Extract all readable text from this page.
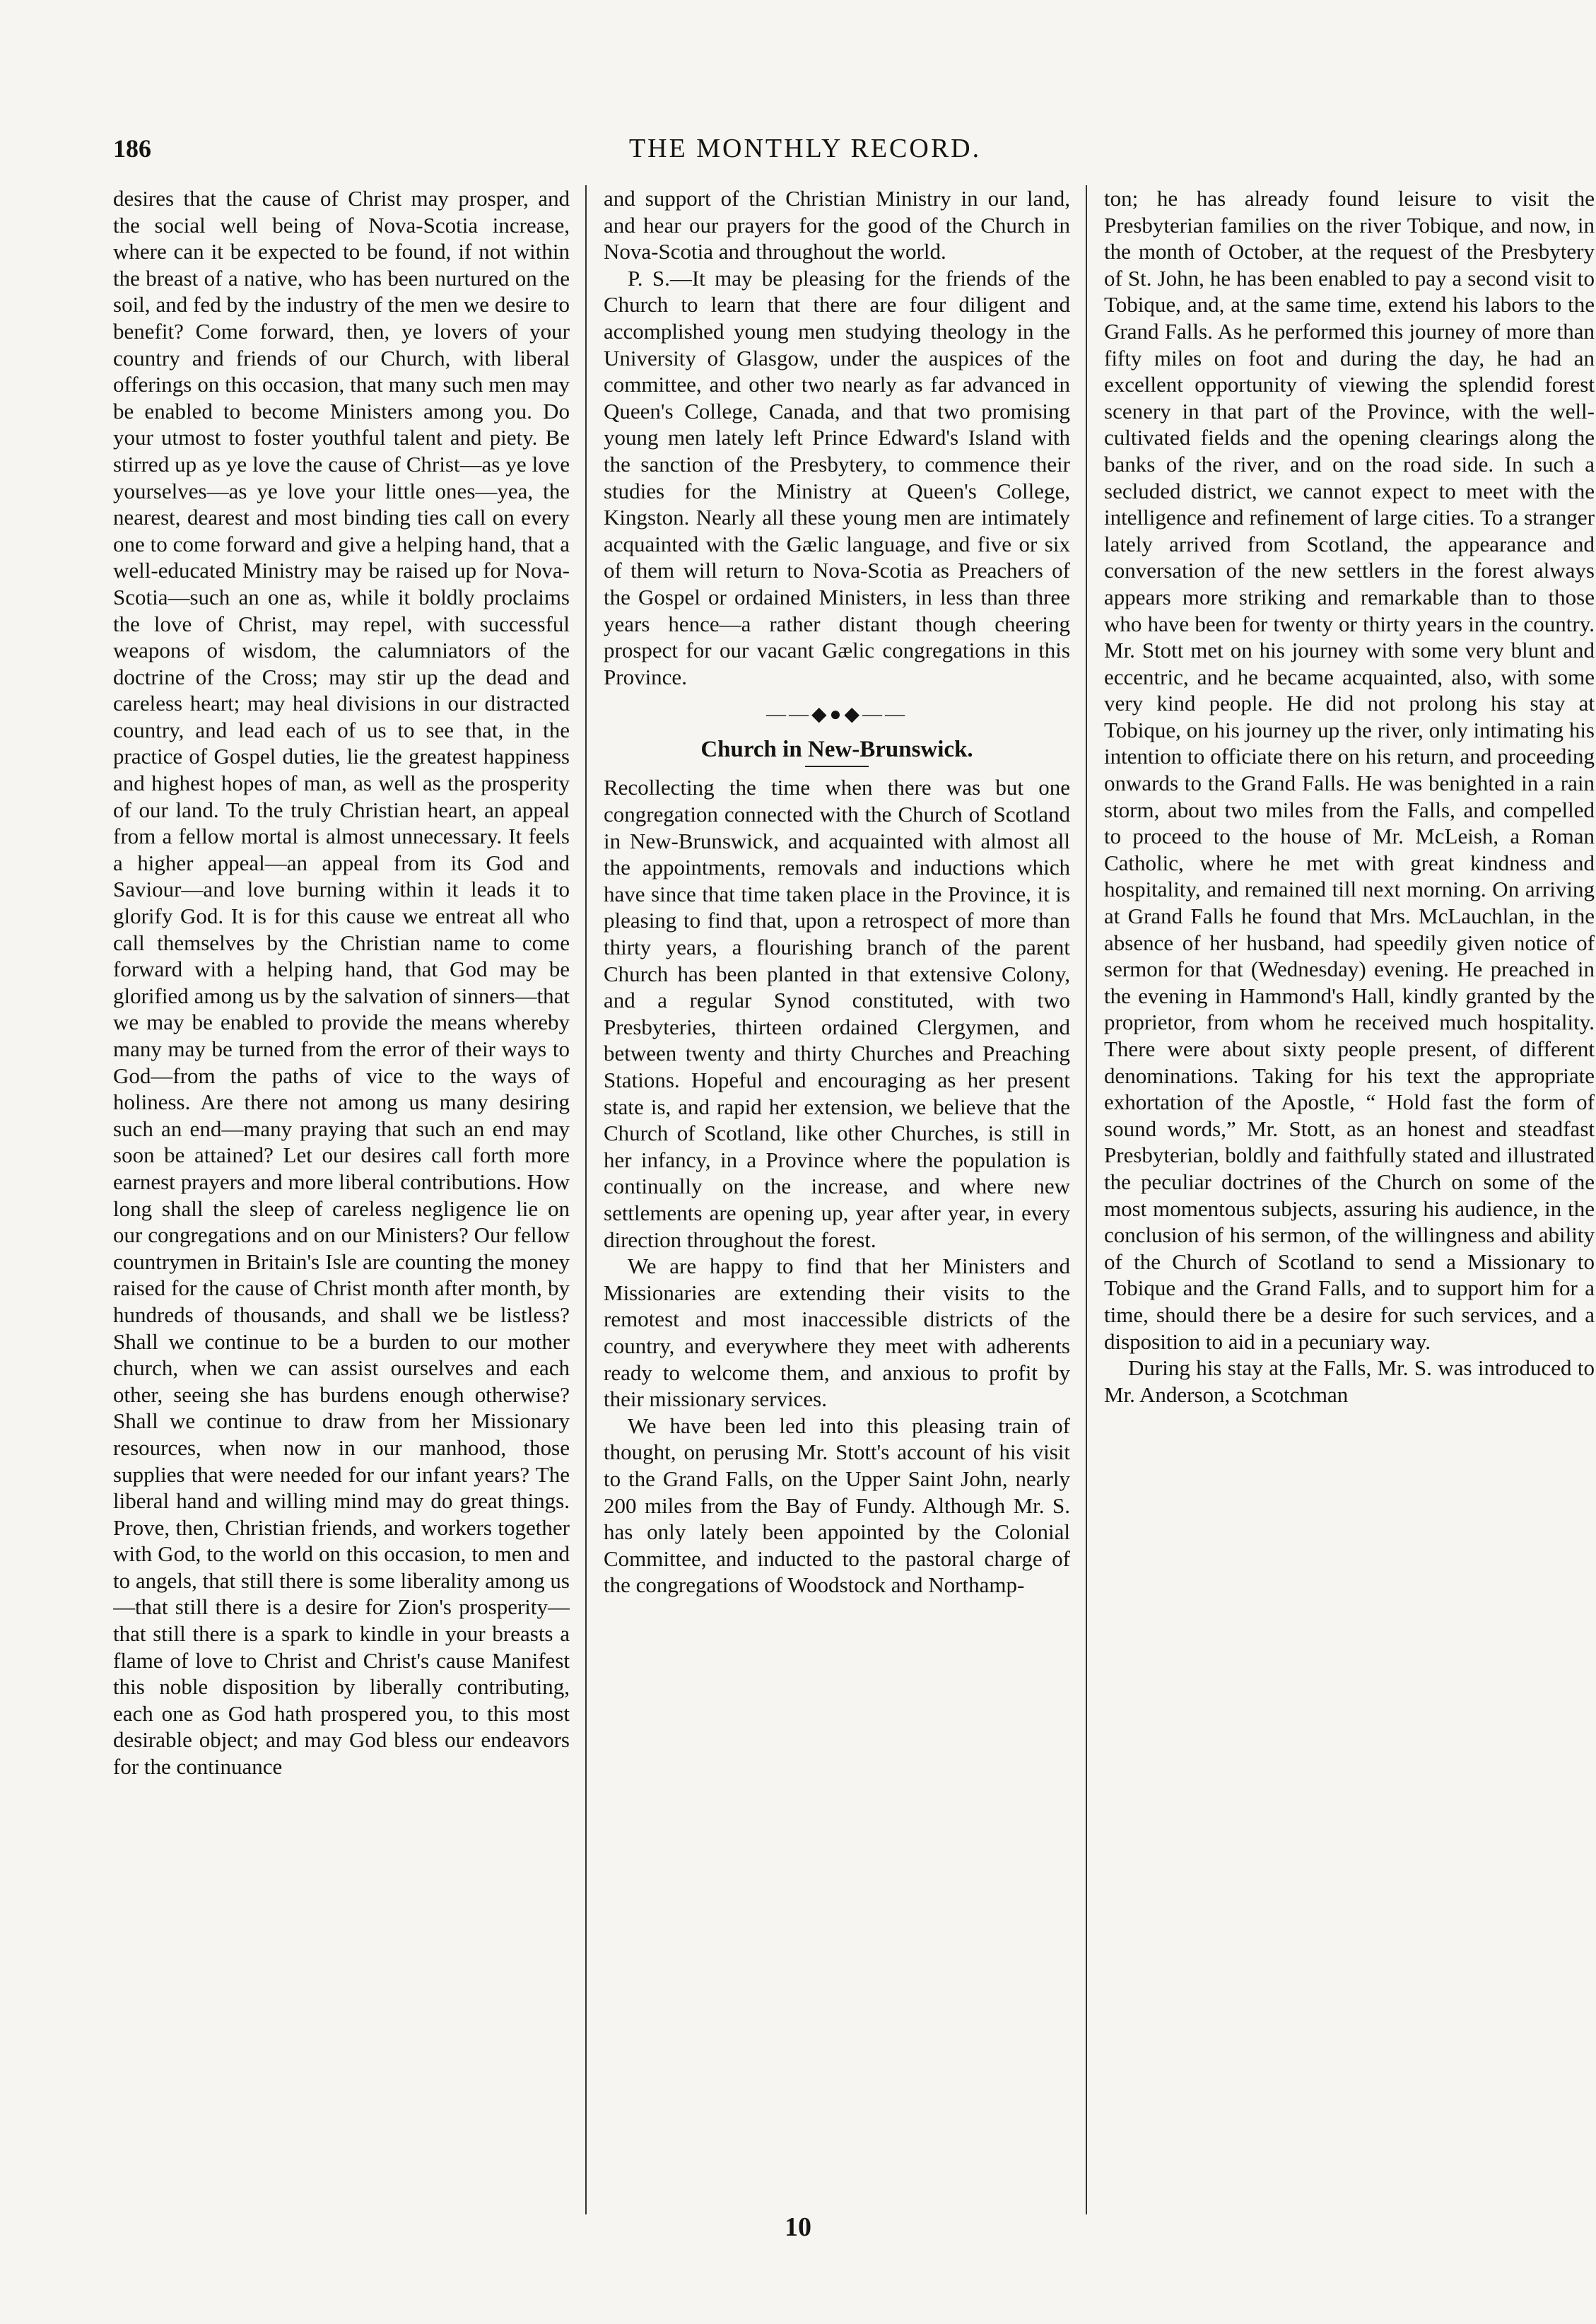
186	THE MONTHLY RECORD.

desires that the cause of Christ may prosper, and the social well being of Nova-Scotia increase, where can it be expected to be found, if not within the breast of a native, who has been nurtured on the soil, and fed by the industry of the men we desire to benefit? Come forward, then, ye lovers of your country and friends of our Church, with liberal offerings on this occasion, that many such men may be enabled to become Ministers among you. Do your utmost to foster youthful talent and piety. Be stirred up as ye love the cause of Christ—as ye love yourselves—as ye love your little ones—yea, the nearest, dearest and most binding ties call on every one to come forward and give a helping hand, that a well-educated Ministry may be raised up for Nova-Scotia—such an one as, while it boldly proclaims the love of Christ, may repel, with successful weapons of wisdom, the calumniators of the doctrine of the Cross; may stir up the dead and careless heart; may heal divisions in our distracted country, and lead each of us to see that, in the practice of Gospel duties, lie the greatest happiness and highest hopes of man, as well as the prosperity of our land. To the truly Christian heart, an appeal from a fellow mortal is almost unnecessary. It feels a higher appeal—an appeal from its God and Saviour—and love burning within it leads it to glorify God. It is for this cause we entreat all who call themselves by the Christian name to come forward with a helping hand, that God may be glorified among us by the salvation of sinners—that we may be enabled to provide the means whereby many may be turned from the error of their ways to God—from the paths of vice to the ways of holiness. Are there not among us many desiring such an end—many praying that such an end may soon be attained? Let our desires call forth more earnest prayers and more liberal contributions. How long shall the sleep of careless negligence lie on our congregations and on our Ministers? Our fellow countrymen in Britain's Isle are counting the money raised for the cause of Christ month after month, by hundreds of thousands, and shall we be listless? Shall we continue to be a burden to our mother church, when we can assist ourselves and each other, seeing she has burdens enough otherwise? Shall we continue to draw from her Missionary resources, when now in our manhood, those supplies that were needed for our infant years? The liberal hand and willing mind may do great things. Prove, then, Christian friends, and workers together with God, to the world on this occasion, to men and to angels, that still there is some liberality among us—that still there is a desire for Zion's prosperity—that still there is a spark to kindle in your breasts a flame of love to Christ and Christ's cause Manifest this noble disposition by liberally contributing, each one as God hath prospered you, to this most desirable object; and may God bless our endeavors for the continuance

and support of the Christian Ministry in our land, and hear our prayers for the good of the Church in Nova-Scotia and throughout the world.

P. S.—It may be pleasing for the friends of the Church to learn that there are four diligent and accomplished young men studying theology in the University of Glasgow, under the auspices of the committee, and other two nearly as far advanced in Queen's College, Canada, and that two promising young men lately left Prince Edward's Island with the sanction of the Presbytery, to commence their studies for the Ministry at Queen's College, Kingston. Nearly all these young men are intimately acquainted with the Gælic language, and five or six of them will return to Nova-Scotia as Preachers of the Gospel or ordained Ministers, in less than three years hence—a rather distant though cheering prospect for our vacant Gælic congregations in this Province.

——◆●◆——
Church in New-Brunswick.

Recollecting the time when there was but one congregation connected with the Church of Scotland in New-Brunswick, and acquainted with almost all the appointments, removals and inductions which have since that time taken place in the Province, it is pleasing to find that, upon a retrospect of more than thirty years, a flourishing branch of the parent Church has been planted in that extensive Colony, and a regular Synod constituted, with two Presbyteries, thirteen ordained Clergymen, and between twenty and thirty Churches and Preaching Stations. Hopeful and encouraging as her present state is, and rapid her extension, we believe that the Church of Scotland, like other Churches, is still in her infancy, in a Province where the population is continually on the increase, and where new settlements are opening up, year after year, in every direction throughout the forest.

We are happy to find that her Ministers and Missionaries are extending their visits to the remotest and most inaccessible districts of the country, and everywhere they meet with adherents ready to welcome them, and anxious to profit by their missionary services.

We have been led into this pleasing train of thought, on perusing Mr. Stott's account of his visit to the Grand Falls, on the Upper Saint John, nearly 200 miles from the Bay of Fundy. Although Mr. S. has only lately been appointed by the Colonial Committee, and inducted to the pastoral charge of the congregations of Woodstock and Northamp-

ton; he has already found leisure to visit the Presbyterian families on the river Tobique, and now, in the month of October, at the request of the Presbytery of St. John, he has been enabled to pay a second visit to Tobique, and, at the same time, extend his labors to the Grand Falls. As he performed this journey of more than fifty miles on foot and during the day, he had an excellent opportunity of viewing the splendid forest scenery in that part of the Province, with the well-cultivated fields and the opening clearings along the banks of the river, and on the road side. In such a secluded district, we cannot expect to meet with the intelligence and refinement of large cities. To a stranger lately arrived from Scotland, the appearance and conversation of the new settlers in the forest always appears more striking and remarkable than to those who have been for twenty or thirty years in the country. Mr. Stott met on his journey with some very blunt and eccentric, and he became acquainted, also, with some very kind people. He did not prolong his stay at Tobique, on his journey up the river, only intimating his intention to officiate there on his return, and proceeding onwards to the Grand Falls. He was benighted in a rain storm, about two miles from the Falls, and compelled to proceed to the house of Mr. McLeish, a Roman Catholic, where he met with great kindness and hospitality, and remained till next morning. On arriving at Grand Falls he found that Mrs. McLauchlan, in the absence of her husband, had speedily given notice of sermon for that (Wednesday) evening. He preached in the evening in Hammond's Hall, kindly granted by the proprietor, from whom he received much hospitality. There were about sixty people present, of different denominations. Taking for his text the appropriate exhortation of the Apostle, “ Hold fast the form of sound words,” Mr. Stott, as an honest and steadfast Presbyterian, boldly and faithfully stated and illustrated the peculiar doctrines of the Church on some of the most momentous subjects, assuring his audience, in the conclusion of his sermon, of the willingness and ability of the Church of Scotland to send a Missionary to Tobique and the Grand Falls, and to support him for a time, should there be a desire for such services, and a disposition to aid in a pecuniary way.

During his stay at the Falls, Mr. S. was introduced to Mr. Anderson, a Scotchman

10
